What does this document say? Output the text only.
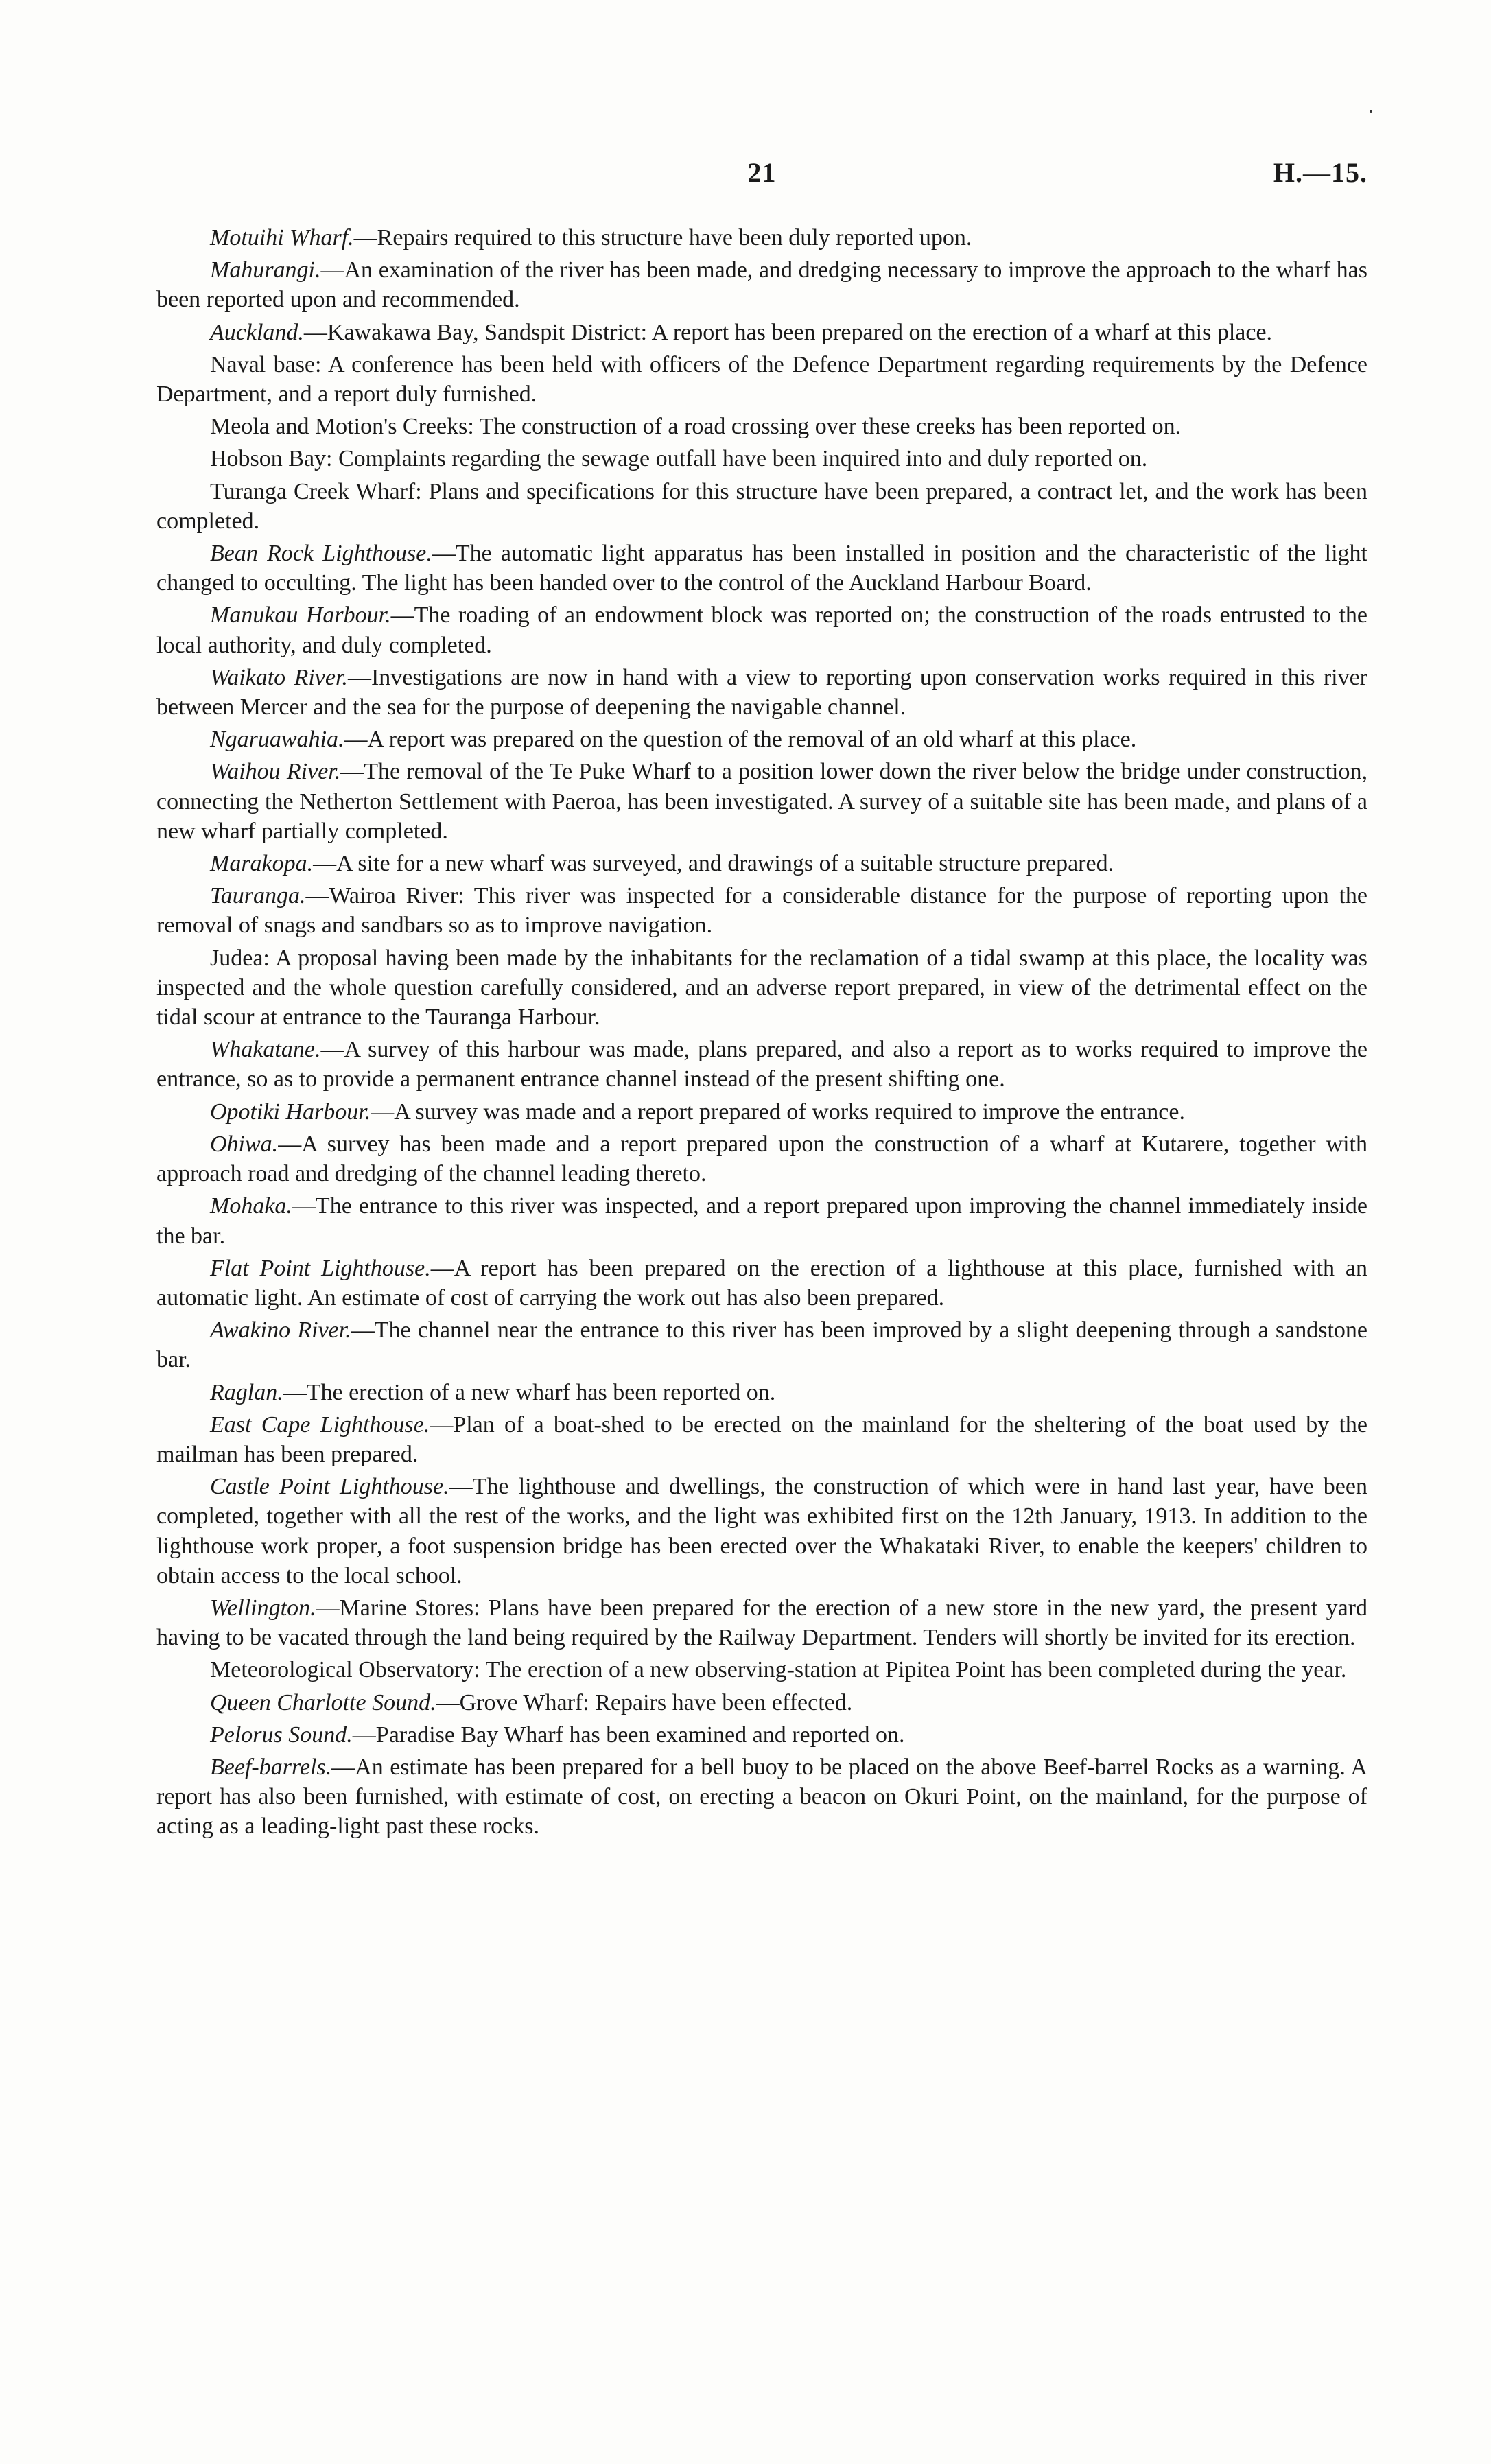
21	H.—15.

Motuihi Wharf.—Repairs required to this structure have been duly reported upon.

Mahurangi.—An examination of the river has been made, and dredging necessary to improve the approach to the wharf has been reported upon and recommended.

Auckland.—Kawakawa Bay, Sandspit District: A report has been prepared on the erection of a wharf at this place.

Naval base: A conference has been held with officers of the Defence Department regarding requirements by the Defence Department, and a report duly furnished.

Meola and Motion's Creeks: The construction of a road crossing over these creeks has been reported on.

Hobson Bay: Complaints regarding the sewage outfall have been inquired into and duly reported on.

Turanga Creek Wharf: Plans and specifications for this structure have been prepared, a contract let, and the work has been completed.

Bean Rock Lighthouse.—The automatic light apparatus has been installed in position and the characteristic of the light changed to occulting. The light has been handed over to the control of the Auckland Harbour Board.

Manukau Harbour.—The roading of an endowment block was reported on; the construction of the roads entrusted to the local authority, and duly completed.

Waikato River.—Investigations are now in hand with a view to reporting upon conservation works required in this river between Mercer and the sea for the purpose of deepening the navigable channel.

Ngaruawahia.—A report was prepared on the question of the removal of an old wharf at this place.

Waihou River.—The removal of the Te Puke Wharf to a position lower down the river below the bridge under construction, connecting the Netherton Settlement with Paeroa, has been investigated. A survey of a suitable site has been made, and plans of a new wharf partially completed.

Marakopa.—A site for a new wharf was surveyed, and drawings of a suitable structure prepared.

Tauranga.—Wairoa River: This river was inspected for a considerable distance for the purpose of reporting upon the removal of snags and sandbars so as to improve navigation.

Judea: A proposal having been made by the inhabitants for the reclamation of a tidal swamp at this place, the locality was inspected and the whole question carefully considered, and an adverse report prepared, in view of the detrimental effect on the tidal scour at entrance to the Tauranga Harbour.

Whakatane.—A survey of this harbour was made, plans prepared, and also a report as to works required to improve the entrance, so as to provide a permanent entrance channel instead of the present shifting one.

Opotiki Harbour.—A survey was made and a report prepared of works required to improve the entrance.

Ohiwa.—A survey has been made and a report prepared upon the construction of a wharf at Kutarere, together with approach road and dredging of the channel leading thereto.

Mohaka.—The entrance to this river was inspected, and a report prepared upon improving the channel immediately inside the bar.

Flat Point Lighthouse.—A report has been prepared on the erection of a lighthouse at this place, furnished with an automatic light. An estimate of cost of carrying the work out has also been prepared.

Awakino River.—The channel near the entrance to this river has been improved by a slight deepening through a sandstone bar.

Raglan.—The erection of a new wharf has been reported on.

East Cape Lighthouse.—Plan of a boat-shed to be erected on the mainland for the sheltering of the boat used by the mailman has been prepared.

Castle Point Lighthouse.—The lighthouse and dwellings, the construction of which were in hand last year, have been completed, together with all the rest of the works, and the light was exhibited first on the 12th January, 1913. In addition to the lighthouse work proper, a foot suspension bridge has been erected over the Whakataki River, to enable the keepers' children to obtain access to the local school.

Wellington.—Marine Stores: Plans have been prepared for the erection of a new store in the new yard, the present yard having to be vacated through the land being required by the Railway Department. Tenders will shortly be invited for its erection.

Meteorological Observatory: The erection of a new observing-station at Pipitea Point has been completed during the year.

Queen Charlotte Sound.—Grove Wharf: Repairs have been effected.

Pelorus Sound.—Paradise Bay Wharf has been examined and reported on.

Beef-barrels.—An estimate has been prepared for a bell buoy to be placed on the above Beef-barrel Rocks as a warning. A report has also been furnished, with estimate of cost, on erecting a beacon on Okuri Point, on the mainland, for the purpose of acting as a leading-light past these rocks.
